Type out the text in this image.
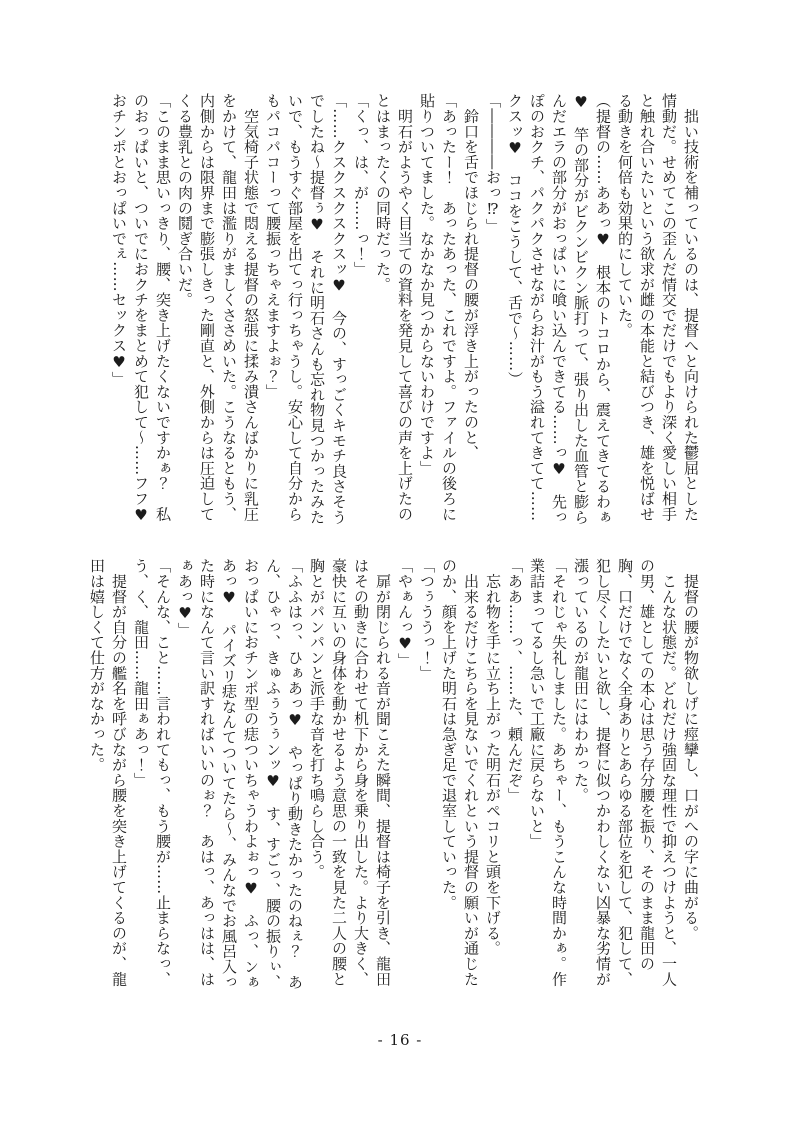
　拙い技術を補っているのは、提督へと向けられた鬱屈とした情動だ。せめてこの歪んだ情交でだけでもより深く愛しい相手と触れ合いたいという欲求が雌の本能と結びつき、雄を悦ばせる動きを何倍も効果的にしていた。

（提督の……ああっ♥　根本のトコロから、震えてきてるわぁ♥　竿の部分がビクンビクン脈打って、張り出した血管と膨らんだエラの部分がおっぱいに喰い込んできてる……っ♥　先っぽのおクチ、パクパクさせながらお汁がもう溢れてきてて……クスッ♥　ココをこうして、舌で〜……）

「――――おっ⁉」

　鈴口を舌でほじられ提督の腰が浮き上がったのと、

「あったー！　あったあった、これですよ。ファイルの後ろに貼りついてました。なかなか見つからないわけですよ」

　明石がようやく目当ての資料を発見して喜びの声を上げたのとはまったくの同時だった。

「くっ、は、が……っ！」

「……クスクスクスクスッ♥　今の、すっごくキモチ良さそうでしたね〜提督ぅ♥　それに明石さんも忘れ物見つかったみたいで、もうすぐ部屋を出てっ行っちゃうし。安心して自分からもパコパコーって腰振っちゃえますよぉ？」

　空気椅子状態で悶える提督の怒張に揉み潰さんばかりに乳圧をかけて、龍田は濫りがましくささめいた。こうなるともう、内側からは限界まで膨張しきった剛直と、外側からは圧迫してくる豊乳との肉の鬩ぎ合いだ。

「このまま思いっきり、腰、突き上げたくないですかぁ？　私のおっぱいと、ついでにおクチをまとめて犯して〜……フフ♥　おチンポとおっぱいでぇ……セックス♥」

　提督の腰が物欲しげに痙攣し、口がへの字に曲がる。

　こんな状態だ。どれだけ強固な理性で抑えつけようと、一人の男、雄としての本心は思う存分腰を振り、そのまま龍田の胸、口だけでなく全身ありとあらゆる部位を犯して、犯して、犯し尽くしたいと欲し、提督に似つかわしくない凶暴な劣情が漲っているのが龍田にはわかった。

「それじゃ失礼しました。あちゃー、もうこんな時間かぁ。作業詰まってるし急いで工廠に戻らないと」

「ああ……っ、……た、頼んだぞ」

　忘れ物を手に立ち上がった明石がペコリと頭を下げる。

　出来るだけこちらを見ないでくれという提督の願いが通じたのか、顔を上げた明石は急ぎ足で退室していった。

「つぅううっ！」

「やぁんっ♥」

　扉が閉じられる音が聞こえた瞬間、提督は椅子を引き、龍田はその動きに合わせて机下から身を乗り出した。より大きく、豪快に互いの身体を動かせるよう意思の一致を見た二人の腰と胸とがパンパンと派手な音を打ち鳴らし合う。

「ふふはっ、ひぁあっ♥　やっぱり動きたかったのねぇ？　あん、ひゃっ、きゅふぅうぅンッ♥　す、すごっ、腰の振りぃ、おっぱいにおチンポ型の痣ついちゃうわよぉっ♥　ふっ、ンぁあっ♥　パイズリ痣なんてついてたら〜、みんなでお風呂入った時になんて言い訳すればいいのぉ？　あはっ、あっはは、はぁあっ♥」

「そんな、こと……言われてもっ、もう腰が……止まらなっ、う、く、龍田……龍田ぁあっ！」

　提督が自分の艦名を呼びながら腰を突き上げてくるのが、龍田は嬉しくて仕方がなかった。

- 16 -
